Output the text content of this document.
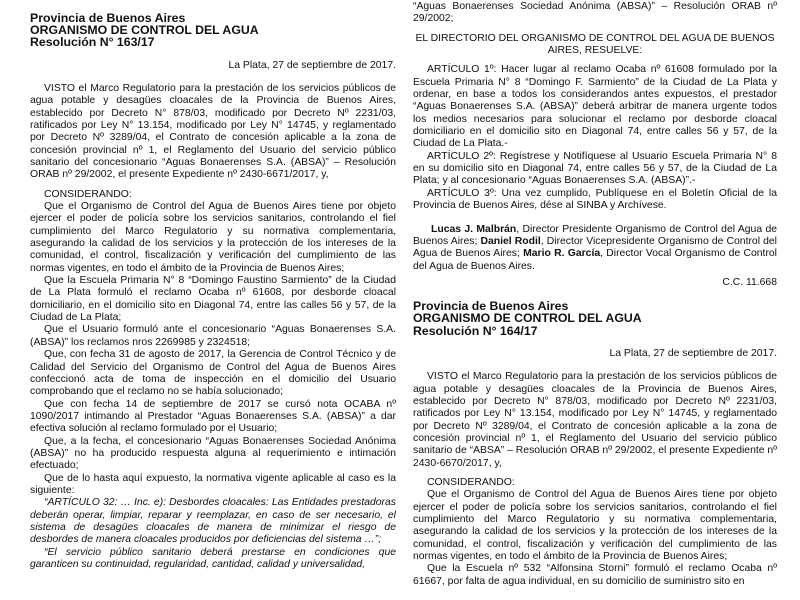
Provincia de Buenos Aires

ORGANISMO DE CONTROL DEL AGUA

Resolución N° 163/17

La Plata, 27 de septiembre de 2017.

VISTO el Marco Regulatorio para la prestación de los servicios públicos de agua potable y desagües cloacales de la Provincia de Buenos Aires, establecido por Decreto N° 878/03, modificado por Decreto Nº 2231/03, ratificados por Ley N° 13.154, modificado por Ley N° 14745, y reglamentado por Decreto Nº 3289/04, el Contrato de concesión aplicable a la zona de concesión provincial nº 1, el Reglamento del Usuario del servicio público sanitario del concesionario “Aguas Bonaerenses S.A. (ABSA)” – Resolución ORAB nº 29/2002, el presente Expediente nº 2430-6671/2017, y,

CONSIDERANDO:

Que el Organismo de Control del Agua de Buenos Aires tiene por objeto ejercer el poder de policía sobre los servicios sanitarios, controlando el fiel cumplimiento del Marco Regulatorio y su normativa complementaria, asegurando la calidad de los servicios y la protección de los intereses de la comunidad, el control, fiscalización y verificación del cumplimiento de las normas vigentes, en todo el ámbito de la Provincia de Buenos Aires;

Que la Escuela Primaria N° 8 “Domingo Faustino Sarmiento” de la Ciudad de La Plata formuló el reclamo Ocaba nº 61608, por desborde cloacal domiciliario, en el domicilio sito en Diagonal 74, entre las calles 56 y 57, de la Ciudad de La Plata;

Que el Usuario formuló ante el concesionario “Aguas Bonaerenses S.A. (ABSA)” los reclamos nros 2269985 y 2324518;

Que, con fecha 31 de agosto de 2017, la Gerencia de Control Técnico y de Calidad del Servicio del Organismo de Control del Agua de Buenos Aires confeccionó acta de toma de inspección en el domicilio del Usuario comprobando que el reclamo no se había solucionado;

Que con fecha 14 de septiembre de 2017 se cursó nota OCABA nº 1090/2017 intimando al Prestador “Aguas Bonaerenses S.A. (ABSA)” a dar efectiva solución al reclamo formulado por el Usuario;

Que, a la fecha, el concesionario “Aguas Bonaerenses Sociedad Anónima (ABSA)” no ha producido respuesta alguna al requerimiento e intimación efectuado;

Que de lo hasta aquí expuesto, la normativa vigente aplicable al caso es la siguiente:

“ARTÍCULO 32: … Inc. e): Desbordes cloacales: Las Entidades prestadoras deberán operar, limpiar, reparar y reemplazar, en caso de ser necesario, el sistema de desagües cloacales de manera de minimizar el riesgo de desbordes de manera cloacales producidos por deficiencias del sistema …”;

“El servicio público sanitario deberá prestarse en condiciones que garanticen su continuidad, regularidad, cantidad, calidad y universalidad,

“Aguas Bonaerenses Sociedad Anónima (ABSA)” – Resolución ORAB nº 29/2002;

EL DIRECTORIO DEL ORGANISMO DE CONTROL DEL AGUA DE BUENOS AIRES, RESUELVE:

ARTÍCULO 1º: Hacer lugar al reclamo Ocaba nº 61608 formulado por la Escuela Primaria N° 8 “Domingo F. Sarmiento” de la Ciudad de La Plata y ordenar, en base a todos los considerandos antes expuestos, el prestador “Aguas Bonaerenses S.A. (ABSA)” deberá arbitrar de manera urgente todos los medios necesarios para solucionar el reclamo por desborde cloacal domiciliario en el domicilio sito en Diagonal 74, entre calles 56 y 57, de la Ciudad de La Plata.-

ARTÍCULO 2º: Regístrese y Notifíquese al Usuario Escuela Primaria N° 8 en su domicilio sito en Diagonal 74, entre calles 56 y 57, de la Ciudad de La Plata; y al concesionario “Aguas Bonaerenses S.A. (ABSA)”.-

ARTÍCULO 3º: Una vez cumplido, Publíquese en el Boletín Oficial de la Provincia de Buenos Aires, dése al SINBA y Archívese.

Lucas J. Malbrán, Director Presidente Organismo de Control del Agua de Buenos Aires; Daniel Rodil, Director Vicepresidente Organismo de Control del Agua de Buenos Aires; Mario R. García, Director Vocal Organismo de Control del Agua de Buenos Aires.

C.C. 11.668

Provincia de Buenos Aires

ORGANISMO DE CONTROL DEL AGUA

Resolución N° 164/17

La Plata, 27 de septiembre de 2017.

VISTO el Marco Regulatorio para la prestación de los servicios públicos de agua potable y desagües cloacales de la Provincia de Buenos Aires, establecido por Decreto N° 878/03, modificado por Decreto Nº 2231/03, ratificados por Ley N° 13.154, modificado por Ley N° 14745, y reglamentado por Decreto Nº 3289/04, el Contrato de concesión aplicable a la zona de concesión provincial nº 1, el Reglamento del Usuario del servicio público sanitario de “ABSA” – Resolución ORAB nº 29/2002, el presente Expediente nº 2430-6670/2017, y,

CONSIDERANDO:

Que el Organismo de Control del Agua de Buenos Aires tiene por objeto ejercer el poder de policía sobre los servicios sanitarios, controlando el fiel cumplimiento del Marco Regulatorio y su normativa complementaria, asegurando la calidad de los servicios y la protección de los intereses de la comunidad, el control, fiscalización y verificación del cumplimiento de las normas vigentes, en todo el ámbito de la Provincia de Buenos Aires;

Que la Escuela nº 532 “Alfonsina Storni” formuló el reclamo Ocaba nº 61667, por falta de agua individual, en su domicilio de suministro sito en
